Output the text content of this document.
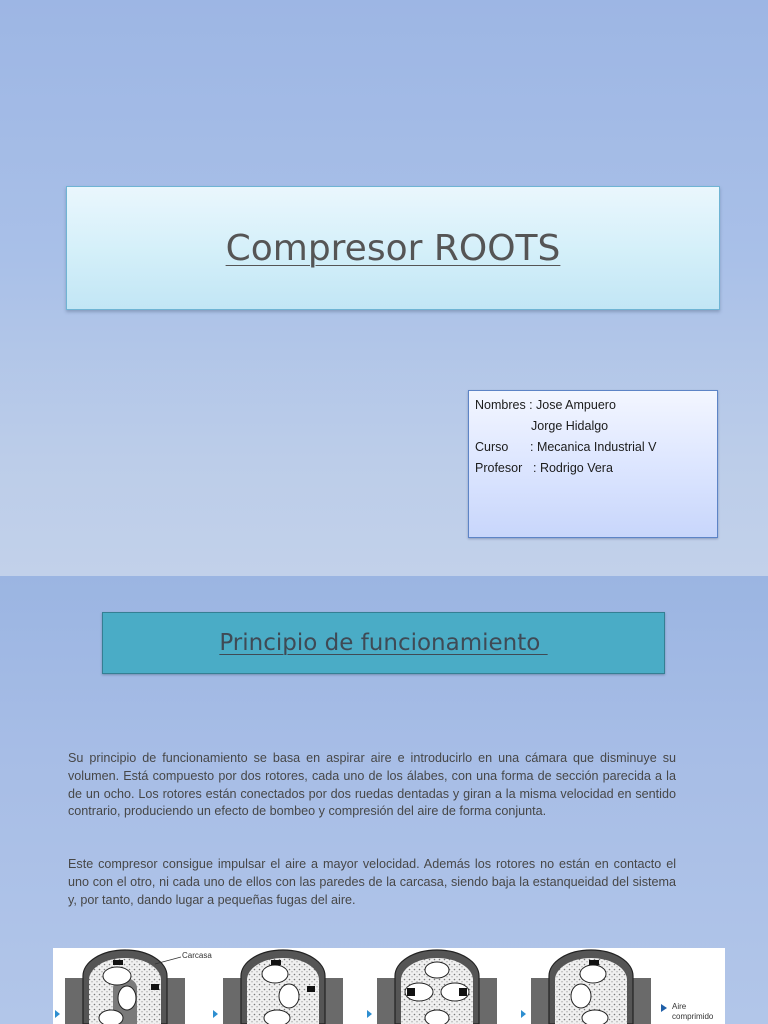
Compresor ROOTS
Nombres : Jose Ampuero
Jorge Hidalgo
Curso : Mecanica Industrial V
Profesor : Rodrigo Vera
Principio de funcionamiento

Su principio de funcionamiento se basa en aspirar aire e introducirlo en una cámara que disminuye su volumen. Está compuesto por dos rotores, cada uno de los álabes, con una forma de sección parecida a la de un ocho. Los rotores están conectados por dos ruedas dentadas y giran a la misma velocidad en sentido contrario, produciendo un efecto de bombeo y compresión del aire de forma conjunta.

Este compresor consigue impulsar el aire a mayor velocidad. Además los rotores no están en contacto el uno con el otro, ni cada uno de ellos con las paredes de la carcasa, siendo baja la estanqueidad del sistema y, por tanto, dando lugar a pequeñas fugas del aire.

Carcasa
Aire
comprimido
